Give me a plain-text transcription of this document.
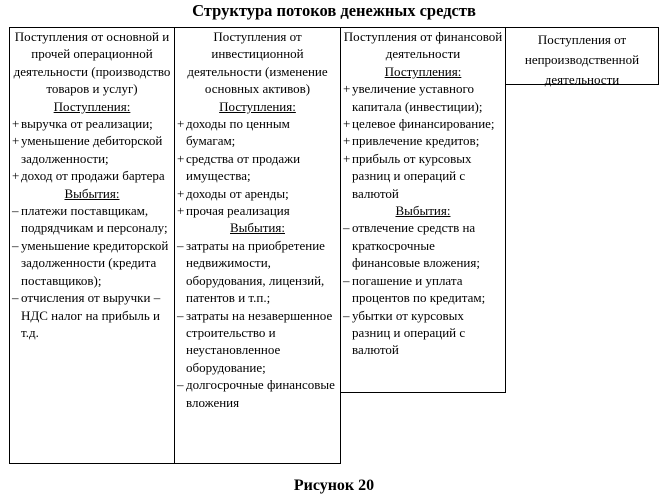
Структура потоков денежных средств
Поступления от основной и прочей операционной деятельности (производство товаров и услуг)
Поступления:
+ выручка от реализации;
+ уменьшение дебиторской задолженности;
+ доход от продажи бартера
Выбытия:
– платежи поставщикам, подрядчикам и персоналу;
– уменьшение кредиторской задолженности (кредита поставщиков);
– отчисления от выручки – НДС налог на прибыль и т.д.
Поступления от инвестиционной деятельности (изменение основных активов)
Поступления:
+ доходы по ценным бумагам;
+ средства от продажи имущества;
+ доходы от аренды;
+ прочая реализация
Выбытия:
– затраты на приобретение недвижимости, оборудования, лицензий, патентов и т.п.;
– затраты на незавершенное строительство и неустановленное оборудование;
– долгосрочные финансовые вложения
Поступления от финансовой деятельности
Поступления:
+ увеличение уставного капитала (инвестиции);
+ целевое финансирование;
+ привлечение кредитов;
+ прибыль от курсовых разниц и операций с валютой
Выбытия:
– отвлечение средств на краткосрочные финансовые вложения;
– погашение и уплата процентов по кредитам;
– убытки от курсовых разниц и операций с валютой
Поступления от непроизводственной деятельности
Рисунок 20
